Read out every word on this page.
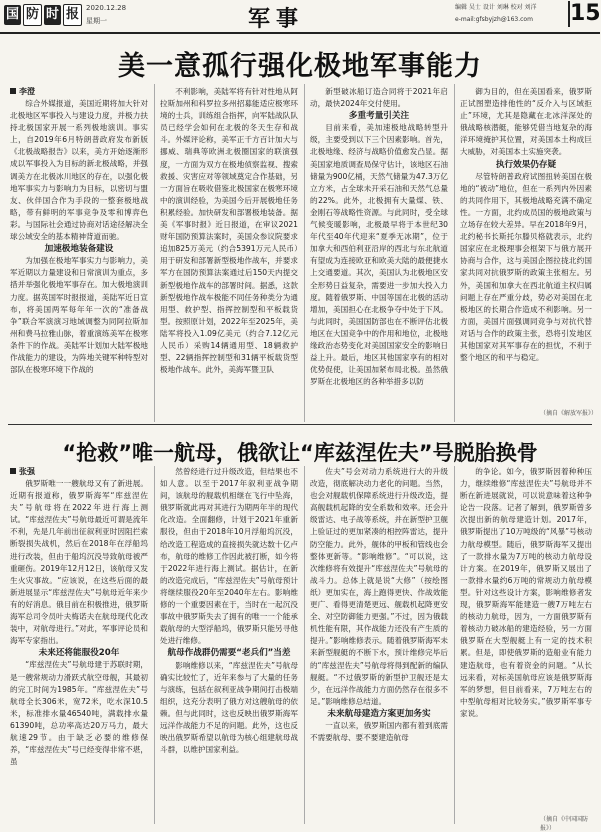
国 防 时 报 2020.12.28
星期一	军事	编辑 吴士 设计 刘琳 校对 刘洋
e-mail:gfsbyjzh@163.com 15
美一意孤行强化极地军事能力
李澄

综合外媒报道，美国近期将加大针对北极地区军事投入与建设力度，并极力扶持北极国家开展一系列极地演训。事实上，自2019年6月特朗普政府发布新版《北极战略报告》以来，美方开始逐渐形成以军事投入为目标的新北极战略，并强调美方在北极冰川地区的存在，以强化极地军事实力与影响力为目标，以密切与盟友、伙伴国合作为手段的一整套极地战略，带有鲜明的军事竞争及零和博弈色彩。与国际社会通过协商对话途径解决全球公域安全的基本精神背道而驰。

加速极地装备建设

为加强在极地军事实力与影响力，美军近期以力量建设和日常演训为重点，多措并举强化极地军事存在。加大极地演训力度。据英国军时报报道，美陆军近日宣布，将美国两军每年年一次的“准备战争”联合军演演习地域调整为同阿拉斯加州和费马拉雅山脉，着重演练美军在极寒条件下的作战。美陆军计划加大陆军极地作战能力的建设，为阵地关键军种特型对部队在极寒环境下作战的

不利影响，美陆军将有针对性地从阿拉斯加州和科罗拉多州招募能适应极寒环境的士兵，训练组合指挥，向军陆战队队员已经学会如何在北极的冬天生存和战斗。外媒评论称，美军正千方百计加大与挪威、瑞典等欧洲北极圈国家的联演强度，一方面为双方在极地侦察监视、搜索救援、灾害应对等领域奠定合作基础，另一方面旨在吸收借鉴北极国家在极寒环境中的演训经验，为美国今后开展极地任务积累经验。加快研发和部署极地装备。据美《军事时报》近日报道，在审议2021财年国防预算法案时，美国众参议院要求追加825万美元（约合5391万元人民币）用于研发和部署新型极地作战车，并要求军方在国防预算法案通过后150天内提交新型极地作战车的部署时间。据悉，这款新型极地作战车极能不同任务种类分为通用型、救护型、指挥控制型和平板载货型。按照原计划，2022年至2025年，美陆军将投入1.09亿美元（约合7.12亿元人民币）采购14辆通用型、18辆救护型、22辆指挥控制型和31辆平板载货型极地作战车。此外，美海军暨卫队

新型破冰船订造合同将于2021年启动，最快2024年交付使用。

多重考量引关注

目前来看，美加速极地战略转型升级，主要受到以下三个因素影响。首先，北极地缘、经济与战略价值愈发凸显。据美国家地质调查局保守估计，该地区石油储量为900亿桶，天然气储量为47.3万亿立方米，占全球未开采石油和天然气总量的22%。此外，北极拥有大量煤、铁、金刚石等战略性资源。与此同时，受全球气候变暖影响，北极最早将于本世纪30年代至40年代迎来“夏季无冰期”，位于加拿大和西伯利亚沿岸的西北与东北航道有望成为连接欧亚和欧美大陆的最便捷水上交通要道。其次，美国认为北极地区安全形势日益复杂，需要进一步加大投入力度。随着俄罗斯、中国等国在北极的活动增加，美国担心在北极争夺中处于下风。与此同时，美国国防部也在不断评估北极地区在大国竞争中的作用和地位，北极地缘政治态势变化对美国国家安全的影响日益上升。最后，地区其他国家享有的相对优势促使，让美国加紧布局北极。虽然俄罗斯在北极地区的各种举措多以防

御为目的，但在美国看来，俄罗斯正试图塑造排他性的“反介入与区域拒止”环境，尤其是隐藏在北冰洋深处的俄战略核潜艇，能够凭借当地复杂的海洋环境掩护其位置，对美国本土构成巨大威胁，对美国本土实施突袭。

执行效果仍存疑

尽管特朗普政府试图扭转美国在极地的“被动”地位，但在一系列内外因素的共同作用下，其极地战略充满不确定性。一方面，北约成员国的极地政策与立场存在较大差异。早在2018年9月，北约秘书长斯托尔滕贝格就表示，北约国家应在北极理事会框架下与俄方展开协商与合作，这与美国企图拉拢北约国家共同对抗俄罗斯的政策主张相左。另外，美国和加拿大在西北航道主权归属问题上存在严重分歧，势必对美国在北极地区的长期合作造成不利影响。另一方面，美国片面强调同竞争与对抗代替对话与合作的政策主张，恐将引发地区其他国家对其军事存在的担忧，不利于整个地区的和平与稳定。

（摘自《解放军报》）
“抢救”唯一航母，俄欲让“库兹涅佐夫”号脱胎换骨
张强

俄罗斯唯一一艘航母又有了新进展。近期有报道称，俄罗斯海军“库兹涅佐夫”号航母将在2022年进行海上测试。“库兹涅佐夫”号航母最近可谓是流年不利，先是几年前出征叙利亚时因阻拦索断裂损失战机，然后在2018年在浮船坞进行改装，但由于船坞沉没导致航母被严重砸伤。2019年12月12日，该航母又发生火灾事故。“应该说，在这些后面的最新进展显示“库兹涅佐夫”号航母近年来少有的好消息。俄目前在积极推进，俄罗斯海军总司令员叶夫梅诺夫在航母现代化改装中，对航母进行。”对此，军事评论员和海军专家指出。

未来还将能服役20年

“库兹涅佐夫”号航母建于苏联时期，是一艘常规动力滑跃式航空母舰，其最初的完工时间为1985年。“库兹涅佐夫”号航母全长306米，宽72米，吃水深10.5米，标准排水量46540吨，满载排水量61390吨，总功率高达20万马力，最大航速29节。由于缺乏必要的维修保养，“库兹涅佐夫”号已经变得非常不堪，虽

然曾经进行过升级改造，但结果也不如人意。以至于2017年叙利亚战争期间，该航母的舰载机相继在飞行中坠海，俄罗斯就此再对其进行为期两年半的现代化改造。全面翻修，计划于2021年重新服役，但由于2018年10月浮船坞沉没，给改造工程造成的直接损失就达数十亿卢布，航母的维修工作因此被打断，如今将于2022年进行海上测试。据估计，在新的改造完成后，“库兹涅佐夫”号航母预计将继续服役20年至2040年左右。影响维修的一个重要因素在于，当时在一起沉没事故中俄罗斯失去了拥有的唯一一个能承载航母的大型浮船坞，俄罗斯只能另寻他处进行维修。

航母作战群仍需要“老兵们”当差

影响维修以来，“库兹涅佐夫”号航母确实比较忙了，近年来参与了大量的任务与演练，包括在叙利亚战争期间打击极端组织，这充分表明了俄方对这艘航母的依赖。但与此同时，这也反映出俄罗斯海军远洋作战能力不足的问题。此外，这也反映出俄罗斯希望以航母为核心组建航母战斗群，以维护国家利益。

佐夫”号会对动力系统进行大的升级改造，彻底解决动力老化的问题。当然，也会对舰载机保障系统进行升级改造，提高舰载机起降的安全系数和效率。还会升级雷达、电子战等系统，并在新型护卫舰上验证过的更加紧凑的相控阵雷达，提升防空能力。此外，舰体的甲板和管线也会整体更新等。“影响维修”。“可以说，这次维修将有效提升“库兹涅佐夫”号航母的战斗力。总体上就是说“大修”（按绘图纸）更加实在，海上跑得更快、作战效能更广、看得更清楚更远、舰载机起降更安全、对空防御能力更强。”不过，因为俄载机性能有限，其作战能力还没有产生质的提升。”影响维修表示。随着俄罗斯海军未来新型舰艇的不断下水，预计维修完毕后的“库兹涅佐夫”号航母将得到配新的编队舰艇。“不过俄罗斯的新型护卫舰还是太少，在远洋作战能力方面仍然存在很多不足。”影响维修总结道。

未来航母建造方案更加务实

一直以来，俄罗斯国内都有着到底需不需要航母、要不要建造航母

的争论。如今，俄罗斯因着种种压力，继续维修“库兹涅佐夫”号航母并不断在新进展就说，可以说意味着这种争论告一段落。记者了解到，俄罗斯曾多次提出新的航母建造计划。2017年，俄罗斯提出了10万吨级的“风暴”号核动力航母模型。随后，俄罗斯海军又提出了一款排水量为7万吨的核动力航母设计方案。在2019年，俄罗斯又展出了一款排水量约6万吨的常规动力航母模型。针对这些设计方案，影响维修者发现，俄罗斯海军能建造一艘7万吨左右的核动力航母，因为，一方面俄罗斯有着核动力破冰船的建造经验，另一方面俄罗斯在大型舰艇上有一定的技术积累。但是，即使俄罗斯的造船业有能力建造航母，也有着资金的问题。“从长远来看，对标美国航母应该是俄罗斯海军的梦想，但目前看来，7万吨左右的中型航母相对比较务实。”俄罗斯军事专家说。

（摘自《中国国防报》）
